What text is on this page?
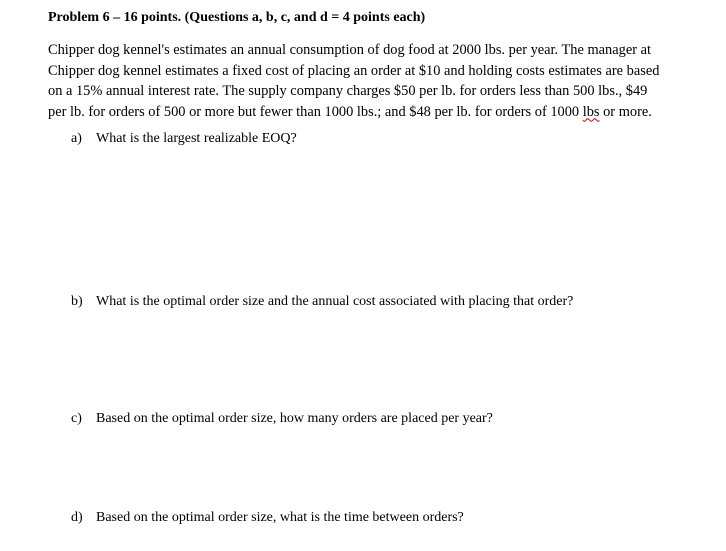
Problem 6 – 16 points. (Questions a, b, c, and d = 4 points each)
Chipper dog kennel's estimates an annual consumption of dog food at 2000 lbs. per year. The manager at
Chipper dog kennel estimates a fixed cost of placing an order at $10 and holding costs estimates are based
on a 15% annual interest rate. The supply company charges $50 per lb. for orders less than 500 lbs., $49
per lb. for orders of 500 or more but fewer than 1000 lbs.; and $48 per lb. for orders of 1000 lbs or more.
a) What is the largest realizable EOQ?
b) What is the optimal order size and the annual cost associated with placing that order?
c) Based on the optimal order size, how many orders are placed per year?
d) Based on the optimal order size, what is the time between orders?
